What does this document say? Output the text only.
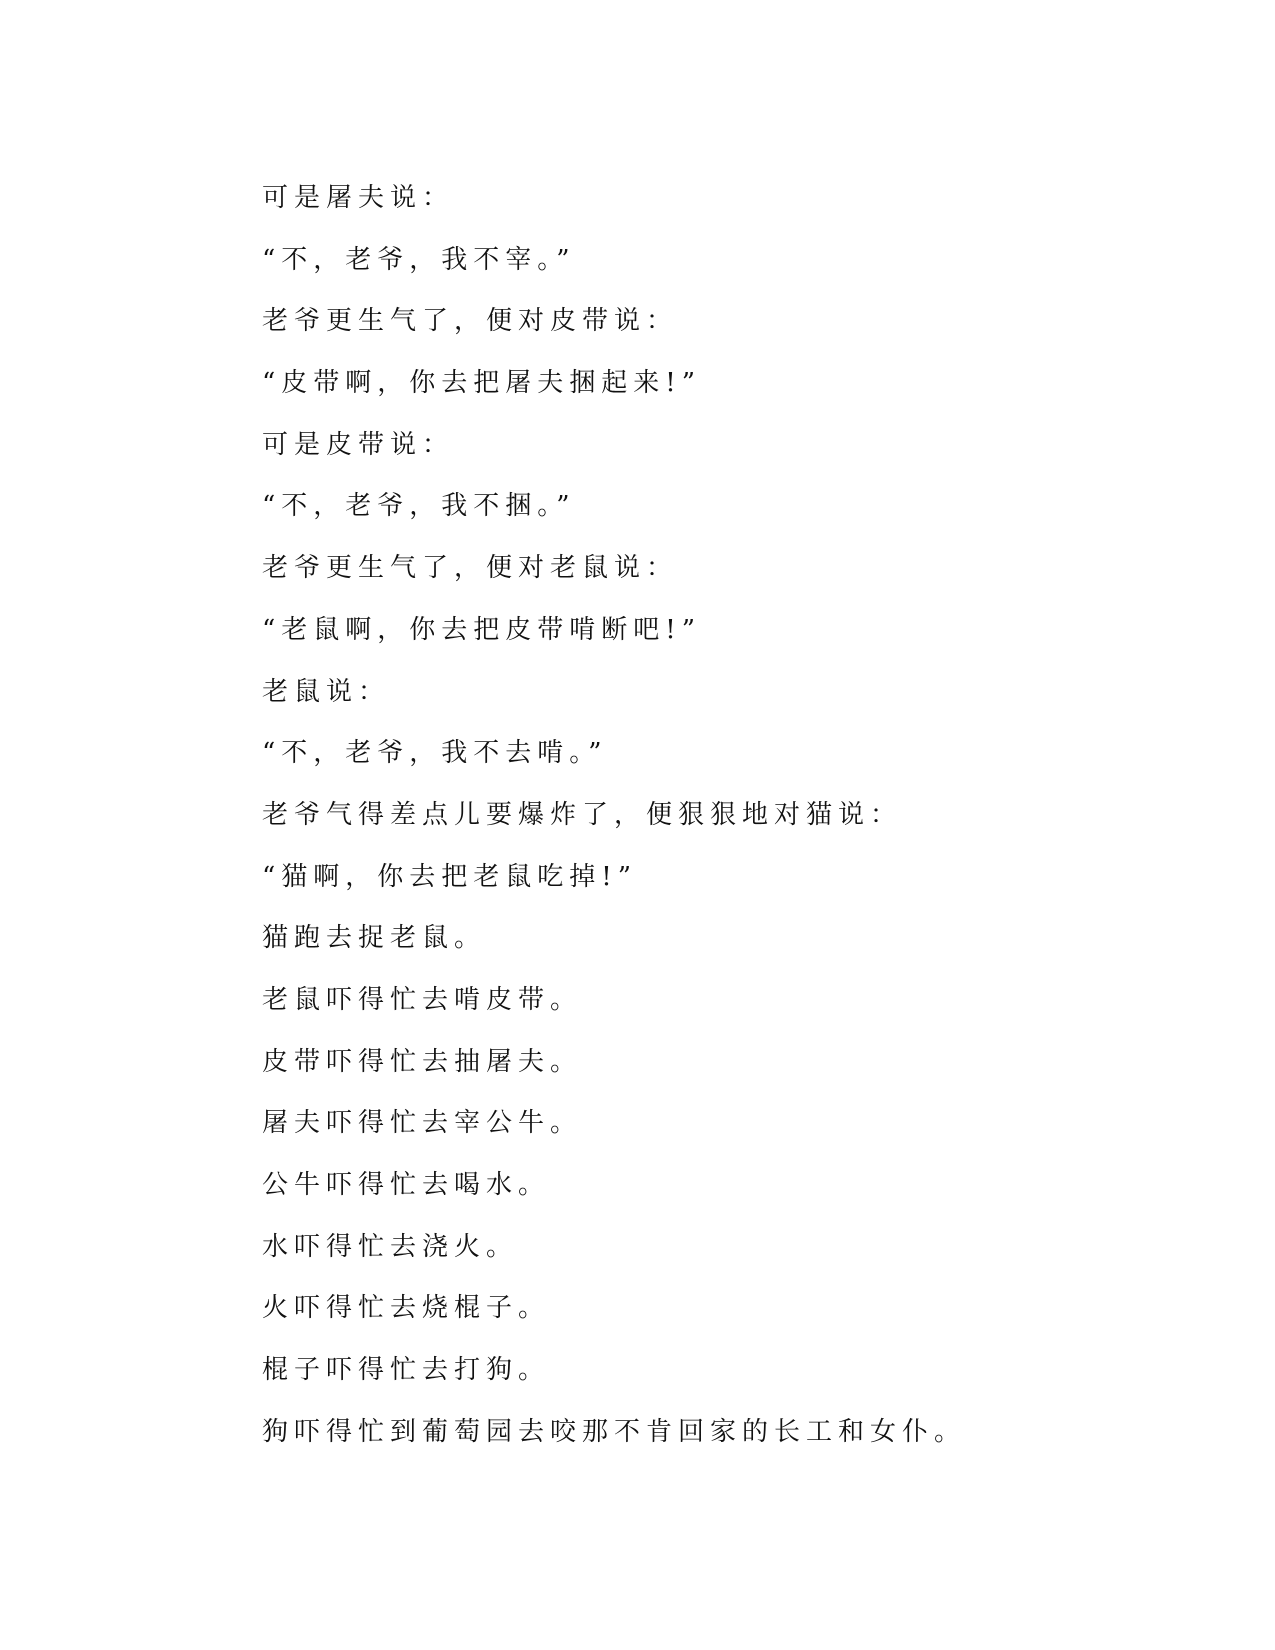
可是屠夫说：

“不，老爷，我不宰。”

老爷更生气了，便对皮带说：

“皮带啊，你去把屠夫捆起来!”

可是皮带说：

“不，老爷，我不捆。”

老爷更生气了，便对老鼠说：

“老鼠啊，你去把皮带啃断吧!”

老鼠说：

“不，老爷，我不去啃。”

老爷气得差点儿要爆炸了，便狠狠地对猫说：

“猫啊，你去把老鼠吃掉!”

猫跑去捉老鼠。

老鼠吓得忙去啃皮带。

皮带吓得忙去抽屠夫。

屠夫吓得忙去宰公牛。

公牛吓得忙去喝水。

水吓得忙去浇火。

火吓得忙去烧棍子。

棍子吓得忙去打狗。

狗吓得忙到葡萄园去咬那不肯回家的长工和女仆。
